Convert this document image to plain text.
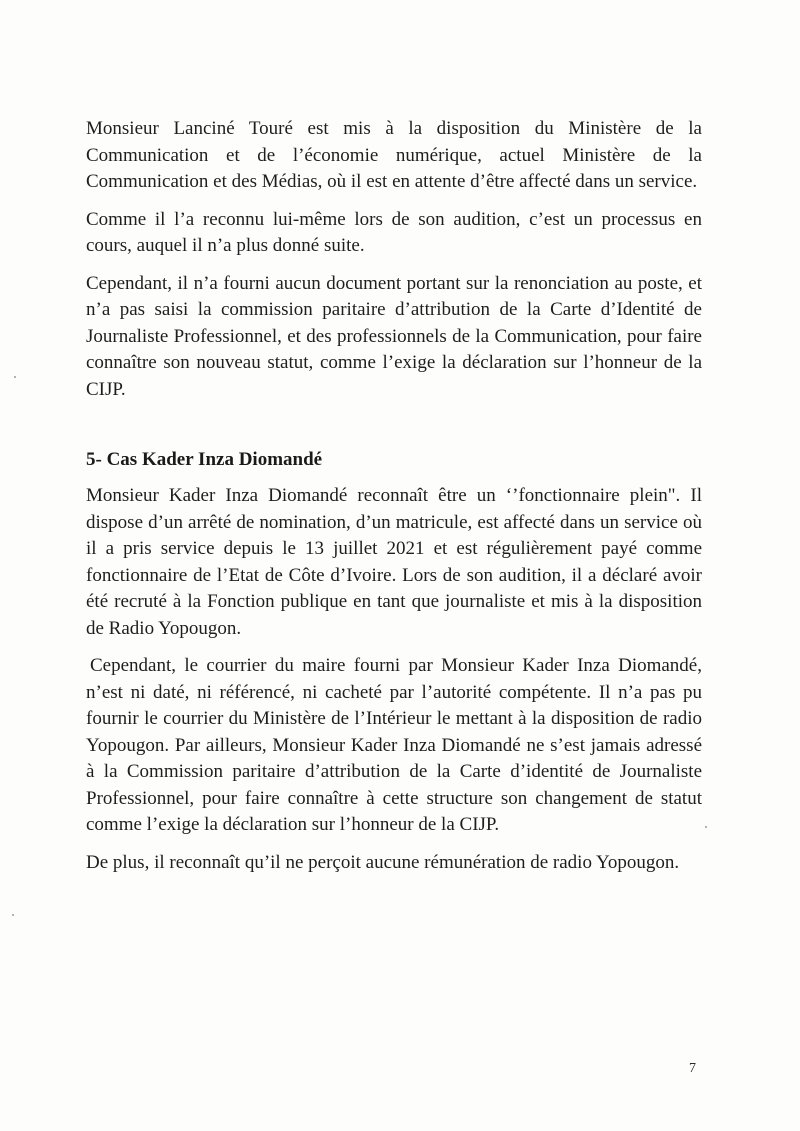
Monsieur Lanciné Touré est mis à la disposition du Ministère de la Communication et de l’économie numérique, actuel Ministère de la Communication et des Médias, où il est en attente d’être affecté dans un service.

Comme il l’a reconnu lui-même lors de son audition, c’est un processus en cours, auquel il n’a plus donné suite.

Cependant, il n’a fourni aucun document portant sur la renonciation au poste, et n’a pas saisi la commission paritaire d’attribution de la Carte d’Identité de Journaliste Professionnel, et des professionnels de la Communication, pour faire connaître son nouveau statut, comme l’exige la déclaration sur l’honneur de la CIJP.

5- Cas Kader Inza Diomandé

Monsieur Kader Inza Diomandé reconnaît être un ‘’fonctionnaire plein". Il dispose d’un arrêté de nomination, d’un matricule, est affecté dans un service où il a pris service depuis le 13 juillet 2021 et est régulièrement payé comme fonctionnaire de l’Etat de Côte d’Ivoire. Lors de son audition, il a déclaré avoir été recruté à la Fonction publique en tant que journaliste et mis à la disposition de Radio Yopougon.

Cependant, le courrier du maire fourni par Monsieur Kader Inza Diomandé, n’est ni daté, ni référencé, ni cacheté par l’autorité compétente. Il n’a pas pu fournir le courrier du Ministère de l’Intérieur le mettant à la disposition de radio Yopougon. Par ailleurs, Monsieur Kader Inza Diomandé ne s’est jamais adressé à la Commission paritaire d’attribution de la Carte d’identité de Journaliste Professionnel, pour faire connaître à cette structure son changement de statut comme l’exige la déclaration sur l’honneur de la CIJP.

De plus, il reconnaît qu’il ne perçoit aucune rémunération de radio Yopougon.

7
